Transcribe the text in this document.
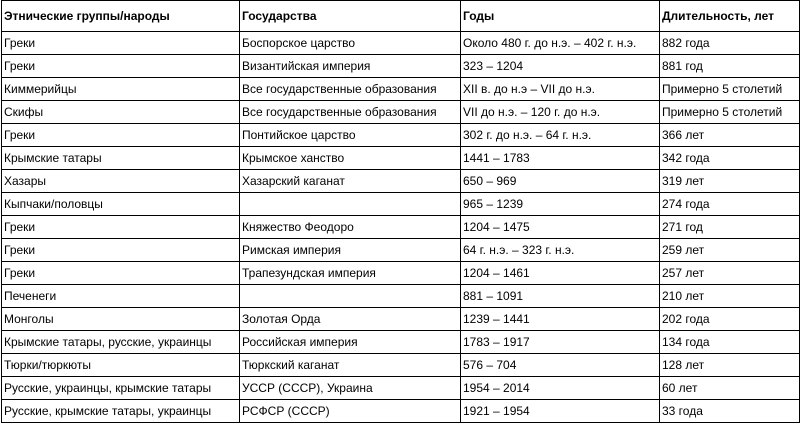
Этнические группы/народы	Государства	Годы	Длительность, лет
Греки	Боспорское царство	Около 480 г. до н.э. – 402 г. н.э.	882 года
Греки	Византийская империя	323 – 1204	881 год
Киммерийцы	Все государственные образования	XII в. до н.э – VII до н.э.	Примерно 5 столетий
Скифы	Все государственные образования	VII до н.э. – 120 г. до н.э.	Примерно 5 столетий
Греки	Понтийское царство	302 г. до н.э. – 64 г. н.э.	366 лет
Крымские татары	Крымское ханство	1441 – 1783	342 года
Хазары	Хазарский каганат	650 – 969	319 лет
Кыпчаки/половцы		965 – 1239	274 года
Греки	Княжество Феодоро	1204 – 1475	271 год
Греки	Римская империя	64 г. н.э. – 323 г. н.э.	259 лет
Греки	Трапезундская империя	1204 – 1461	257 лет
Печенеги		881 – 1091	210 лет
Монголы	Золотая Орда	1239 – 1441	202 года
Крымские татары, русские, украинцы	Российская империя	1783 – 1917	134 года
Тюрки/тюркюты	Тюркский каганат	576 – 704	128 лет
Русские, украинцы, крымские татары	УССР (СССР), Украина	1954 – 2014	60 лет
Русские, крымские татары, украинцы	РСФСР (СССР)	1921 – 1954	33 года
